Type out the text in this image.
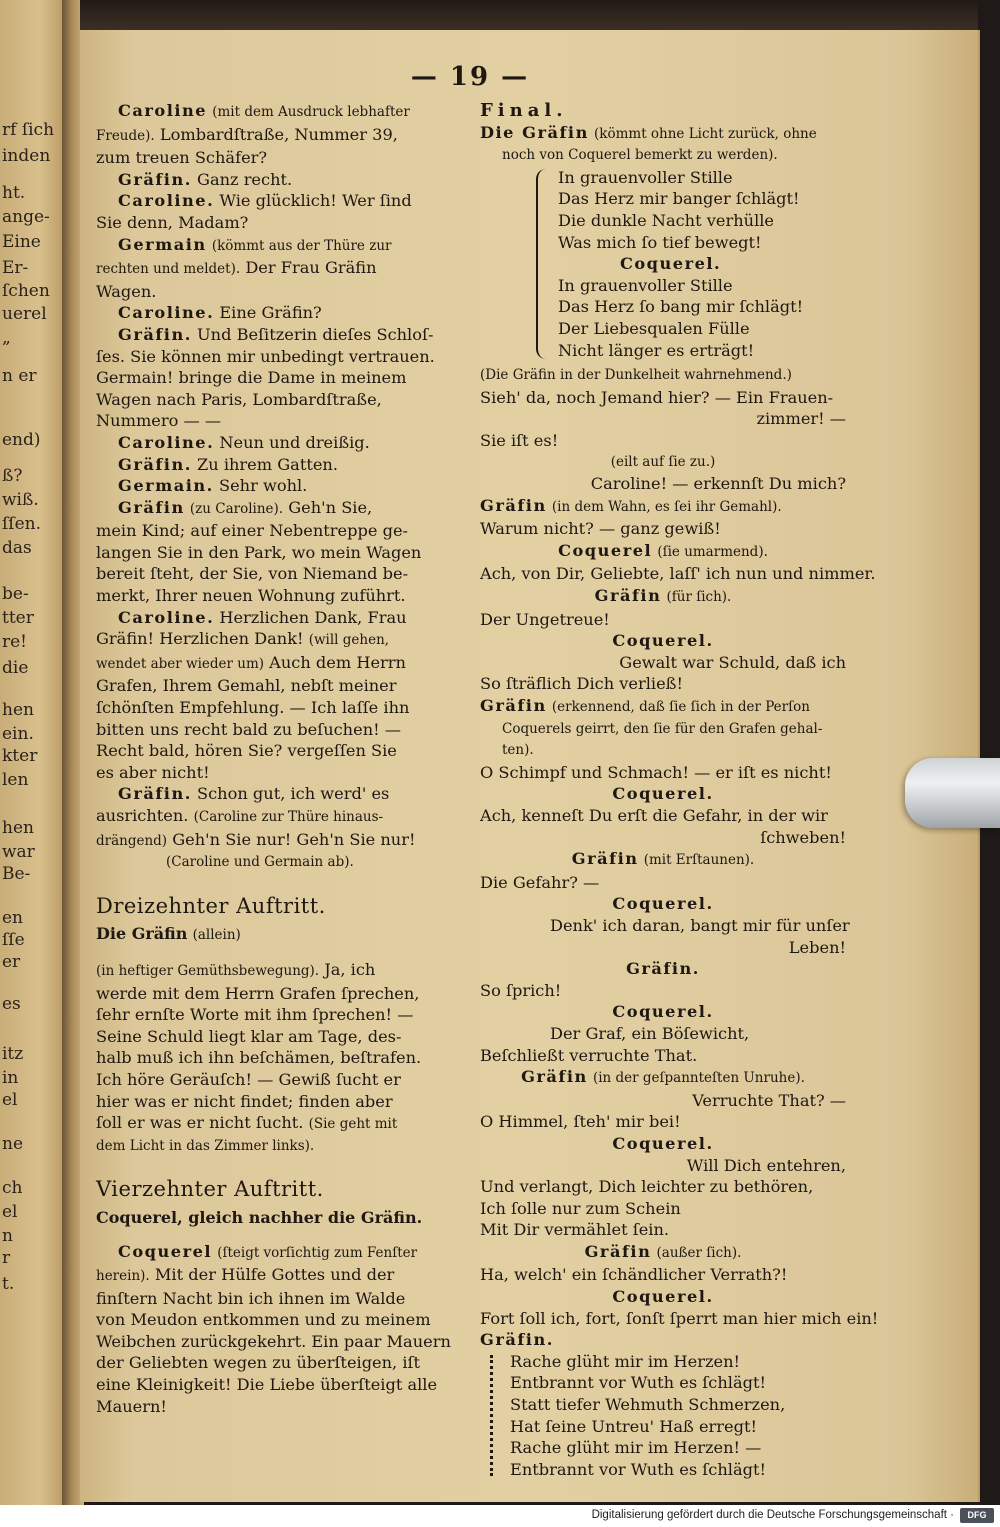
rf ſich
inden
ht.
ange-
Eine
Er-
ſchen
uerel
„
n er
end)
ß?
wiß.
ſſen.
das
be-
tter
re!
die
hen
ein.
kter
len
hen
war
Be-
en
ſſe
er
es
itz
in
el
ne
ch
el
n
r
t.
— 19 —

Caroline (mit dem Ausdruck lebhafter
Freude). Lombardſtraße, Nummer 39,
zum treuen Schäfer?

Gräfin. Ganz recht.

Caroline. Wie glücklich! Wer ſind
Sie denn, Madam?

Germain (kömmt aus der Thüre zur
rechten und meldet). Der Frau Gräfin
Wagen.

Caroline. Eine Gräfin?

Gräfin. Und Beſitzerin dieſes Schloſ-
ſes. Sie können mir unbedingt vertrauen.
Germain! bringe die Dame in meinem
Wagen nach Paris, Lombardſtraße,
Nummero — —

Caroline. Neun und dreißig.

Gräfin. Zu ihrem Gatten.

Germain. Sehr wohl.

Gräfin (zu Caroline). Geh'n Sie,
mein Kind; auf einer Nebentreppe ge-
langen Sie in den Park, wo mein Wagen
bereit ſteht, der Sie, von Niemand be-
merkt, Ihrer neuen Wohnung zuführt.

Caroline. Herzlichen Dank, Frau
Gräfin! Herzlichen Dank! (will gehen,
wendet aber wieder um) Auch dem Herrn
Grafen, Ihrem Gemahl, nebſt meiner
ſchönſten Empfehlung. — Ich laſſe ihn
bitten uns recht bald zu beſuchen! —
Recht bald, hören Sie? vergeſſen Sie
es aber nicht!

Gräfin. Schon gut, ich werd' es
ausrichten. (Caroline zur Thüre hinaus-
drängend) Geh'n Sie nur! Geh'n Sie nur!
(Caroline und Germain ab).

Dreizehnter Auftritt.

Die Gräfin (allein)

(in heftiger Gemüthsbewegung). Ja, ich
werde mit dem Herrn Grafen ſprechen,
ſehr ernſte Worte mit ihm ſprechen! —
Seine Schuld liegt klar am Tage, des-
halb muß ich ihn beſchämen, beſtrafen.
Ich höre Geräuſch! — Gewiß ſucht er
hier was er nicht findet; finden aber
ſoll er was er nicht ſucht. (Sie geht mit
dem Licht in das Zimmer links).

Vierzehnter Auftritt.

Coquerel, gleich nachher die Gräfin.

Coquerel (ſteigt vorſichtig zum Fenſter
herein). Mit der Hülfe Gottes und der
finſtern Nacht bin ich ihnen im Walde
von Meudon entkommen und zu meinem
Weibchen zurückgekehrt. Ein paar Mauern
der Geliebten wegen zu überſteigen, iſt
eine Kleinigkeit! Die Liebe überſteigt alle
Mauern!

Final.

Die Gräfin (kömmt ohne Licht zurück, ohne
noch von Coquerel bemerkt zu werden).

In grauenvoller Stille
Das Herz mir banger ſchlägt!
Die dunkle Nacht verhülle
Was mich ſo tief bewegt!
Coquerel.
In grauenvoller Stille
Das Herz ſo bang mir ſchlägt!
Der Liebesqualen Fülle
Nicht länger es erträgt!

(Die Gräfin in der Dunkelheit wahrnehmend.)

Sieh' da, noch Jemand hier? — Ein Frauen-
zimmer! —
Sie iſt es!
(eilt auf ſie zu.)
Caroline! — erkennſt Du mich?

Gräfin (in dem Wahn, es ſei ihr Gemahl).
Warum nicht? — ganz gewiß!

Coquerel (ſie umarmend).
Ach, von Dir, Geliebte, laſſ' ich nun und nimmer.

Gräfin (für ſich).
Der Ungetreue!

Coquerel.
Gewalt war Schuld, daß ich
So ſträflich Dich verließ!

Gräfin (erkennend, daß ſie ſich in der Perſon
Coquerels geirrt, den ſie für den Grafen gehal-
ten).
O Schimpf und Schmach! — er iſt es nicht!

Coquerel.
Ach, kenneſt Du erſt die Gefahr, in der wir
ſchweben!

Gräfin (mit Erſtaunen).
Die Gefahr? —

Coquerel.
Denk' ich daran, bangt mir für unſer
Leben!

Gräfin.
So ſprich!

Coquerel.
Der Graf, ein Böſewicht,
Beſchließt verruchte That.

Gräfin (in der geſpannteſten Unruhe).
Verruchte That? —
O Himmel, ſteh' mir bei!

Coquerel.
Will Dich entehren,
Und verlangt, Dich leichter zu bethören,
Ich ſolle nur zum Schein
Mit Dir vermählet ſein.

Gräfin (außer ſich).
Ha, welch' ein ſchändlicher Verrath?!

Coquerel.
Fort ſoll ich, fort, ſonſt ſperrt man hier mich ein!

Gräfin.

Rache glüht mir im Herzen!
Entbrannt vor Wuth es ſchlägt!
Statt tiefer Wehmuth Schmerzen,
Hat ſeine Untreu' Haß erregt!
Rache glüht mir im Herzen! —
Entbrannt vor Wuth es ſchlägt!
Digitalisierung gefördert durch die Deutsche Forschungsgemeinschaft ·	DFG
